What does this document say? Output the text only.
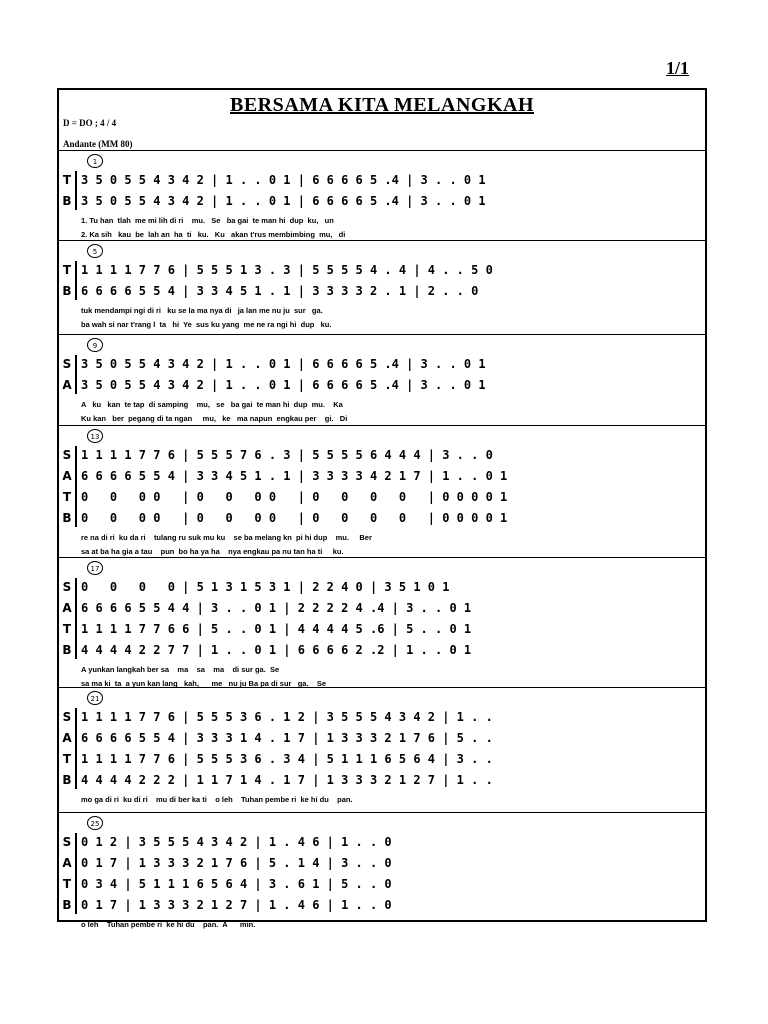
1/1
BERSAMA KITA MELANGKAH
D = DO ; 4 / 4
Andante (MM 80)
1
T 3 5 0 5 5 4 3 4 2 | 1 . . 0 1 | 6 6 6 6 5 .4 | 3 . . 0 1
B 3 5 0 5 5 4 3 4 2 | 1 . . 0 1 | 6 6 6 6 5 .4 | 3 . . 0 1
1. Tu han  tlah  me mi lih di ri    mu.   Se   ba gai  te man hi  dup  ku,   un
2. Ka sih   kau  be  lah an  ha  ti   ku.   Ku   akan t'rus membimbing  mu,   di
5
T 1 1 1 1 7 7 6 | 5 5 5 1 3 . 3 | 5 5 5 5 4 . 4 | 4 . . 5 0
B 6 6 6 6 5 5 4 | 3 3 4 5 1 . 1 | 3 3 3 3 2 . 1 | 2 . . 0
tuk mendampi ngi di ri   ku se la ma nya di   ja lan me nu ju  sur   ga.
ba wah si nar t'rang l  ta   hi  Ye  sus ku yang  me ne ra ngi hi  dup   ku.
9
S 3 5 0 5 5 4 3 4 2 | 1 . . 0 1 | 6 6 6 6 5 .4 | 3 . . 0 1
A 3 5 0 5 5 4 3 4 2 | 1 . . 0 1 | 6 6 6 6 5 .4 | 3 . . 0 1
A   ku   kan  te tap  di samping    mu,   se   ba gai  te man hi  dup  mu.    Ka
Ku kan   ber  pegang di ta ngan     mu,   ke   ma napun  engkau per    gi.   Di
13
S 1 1 1 1 7 7 6 | 5 5 5 7 6 . 3 | 5 5 5 5 6 4 4 4 | 3 . . 0
A 6 6 6 6 5 5 4 | 3 3 4 5 1 . 1 | 3 3 3 3 4 2 1 7 | 1 . . 0 1
T 0   0   0 0   | 0   0   0 0   | 0   0   0   0   | 0 0 0 0 1
B 0   0   0 0   | 0   0   0 0   | 0   0   0   0   | 0 0 0 0 1
re na di ri  ku da ri    tulang ru suk mu ku    se ba melang kn  pi hi dup    mu.     Ber
sa at ba ha gia a tau    pun  bo ha ya ha    nya engkau pa nu tan ha ti     ku.
17
S 0   0   0   0 | 5 1 3 1 5 3 1 | 2 2 4 0 | 3 5 1 0 1
A 6 6 6 6 5 5 4 4 | 3 . . 0 1 | 2 2 2 2 4 .4 | 3 . . 0 1
T 1 1 1 1 7 7 6 6 | 5 . . 0 1 | 4 4 4 4 5 .6 | 5 . . 0 1
B 4 4 4 4 2 2 7 7 | 1 . . 0 1 | 6 6 6 6 2 .2 | 1 . . 0 1
A yunkan langkah ber sa    ma    sa    ma    di sur ga.  Se
sa ma ki  ta  a yun kan lang   kah,      me   nu ju Ba pa di sur   ga.    Se
21
S 1 1 1 1 7 7 6 | 5 5 5 3 6 . 1 2 | 3 5 5 5 4 3 4 2 | 1 . .
A 6 6 6 6 5 5 4 | 3 3 3 1 4 . 1 7 | 1 3 3 3 2 1 7 6 | 5 . .
T 1 1 1 1 7 7 6 | 5 5 5 3 6 . 3 4 | 5 1 1 1 6 5 6 4 | 3 . .
B 4 4 4 4 2 2 2 | 1 1 7 1 4 . 1 7 | 1 3 3 3 2 1 2 7 | 1 . .
mo ga di ri  ku di ri    mu di ber ka ti    o leh    Tuhan pembe ri  ke hi du    pan.
25
S 0 1 2 | 3 5 5 5 4 3 4 2 | 1 . 4 6 | 1 . . 0
A 0 1 7 | 1 3 3 3 2 1 7 6 | 5 . 1 4 | 3 . . 0
T 0 3 4 | 5 1 1 1 6 5 6 4 | 3 . 6 1 | 5 . . 0
B 0 1 7 | 1 3 3 3 2 1 2 7 | 1 . 4 6 | 1 . . 0
o leh    Tuhan pembe ri  ke hi du    pan.  A      min.
